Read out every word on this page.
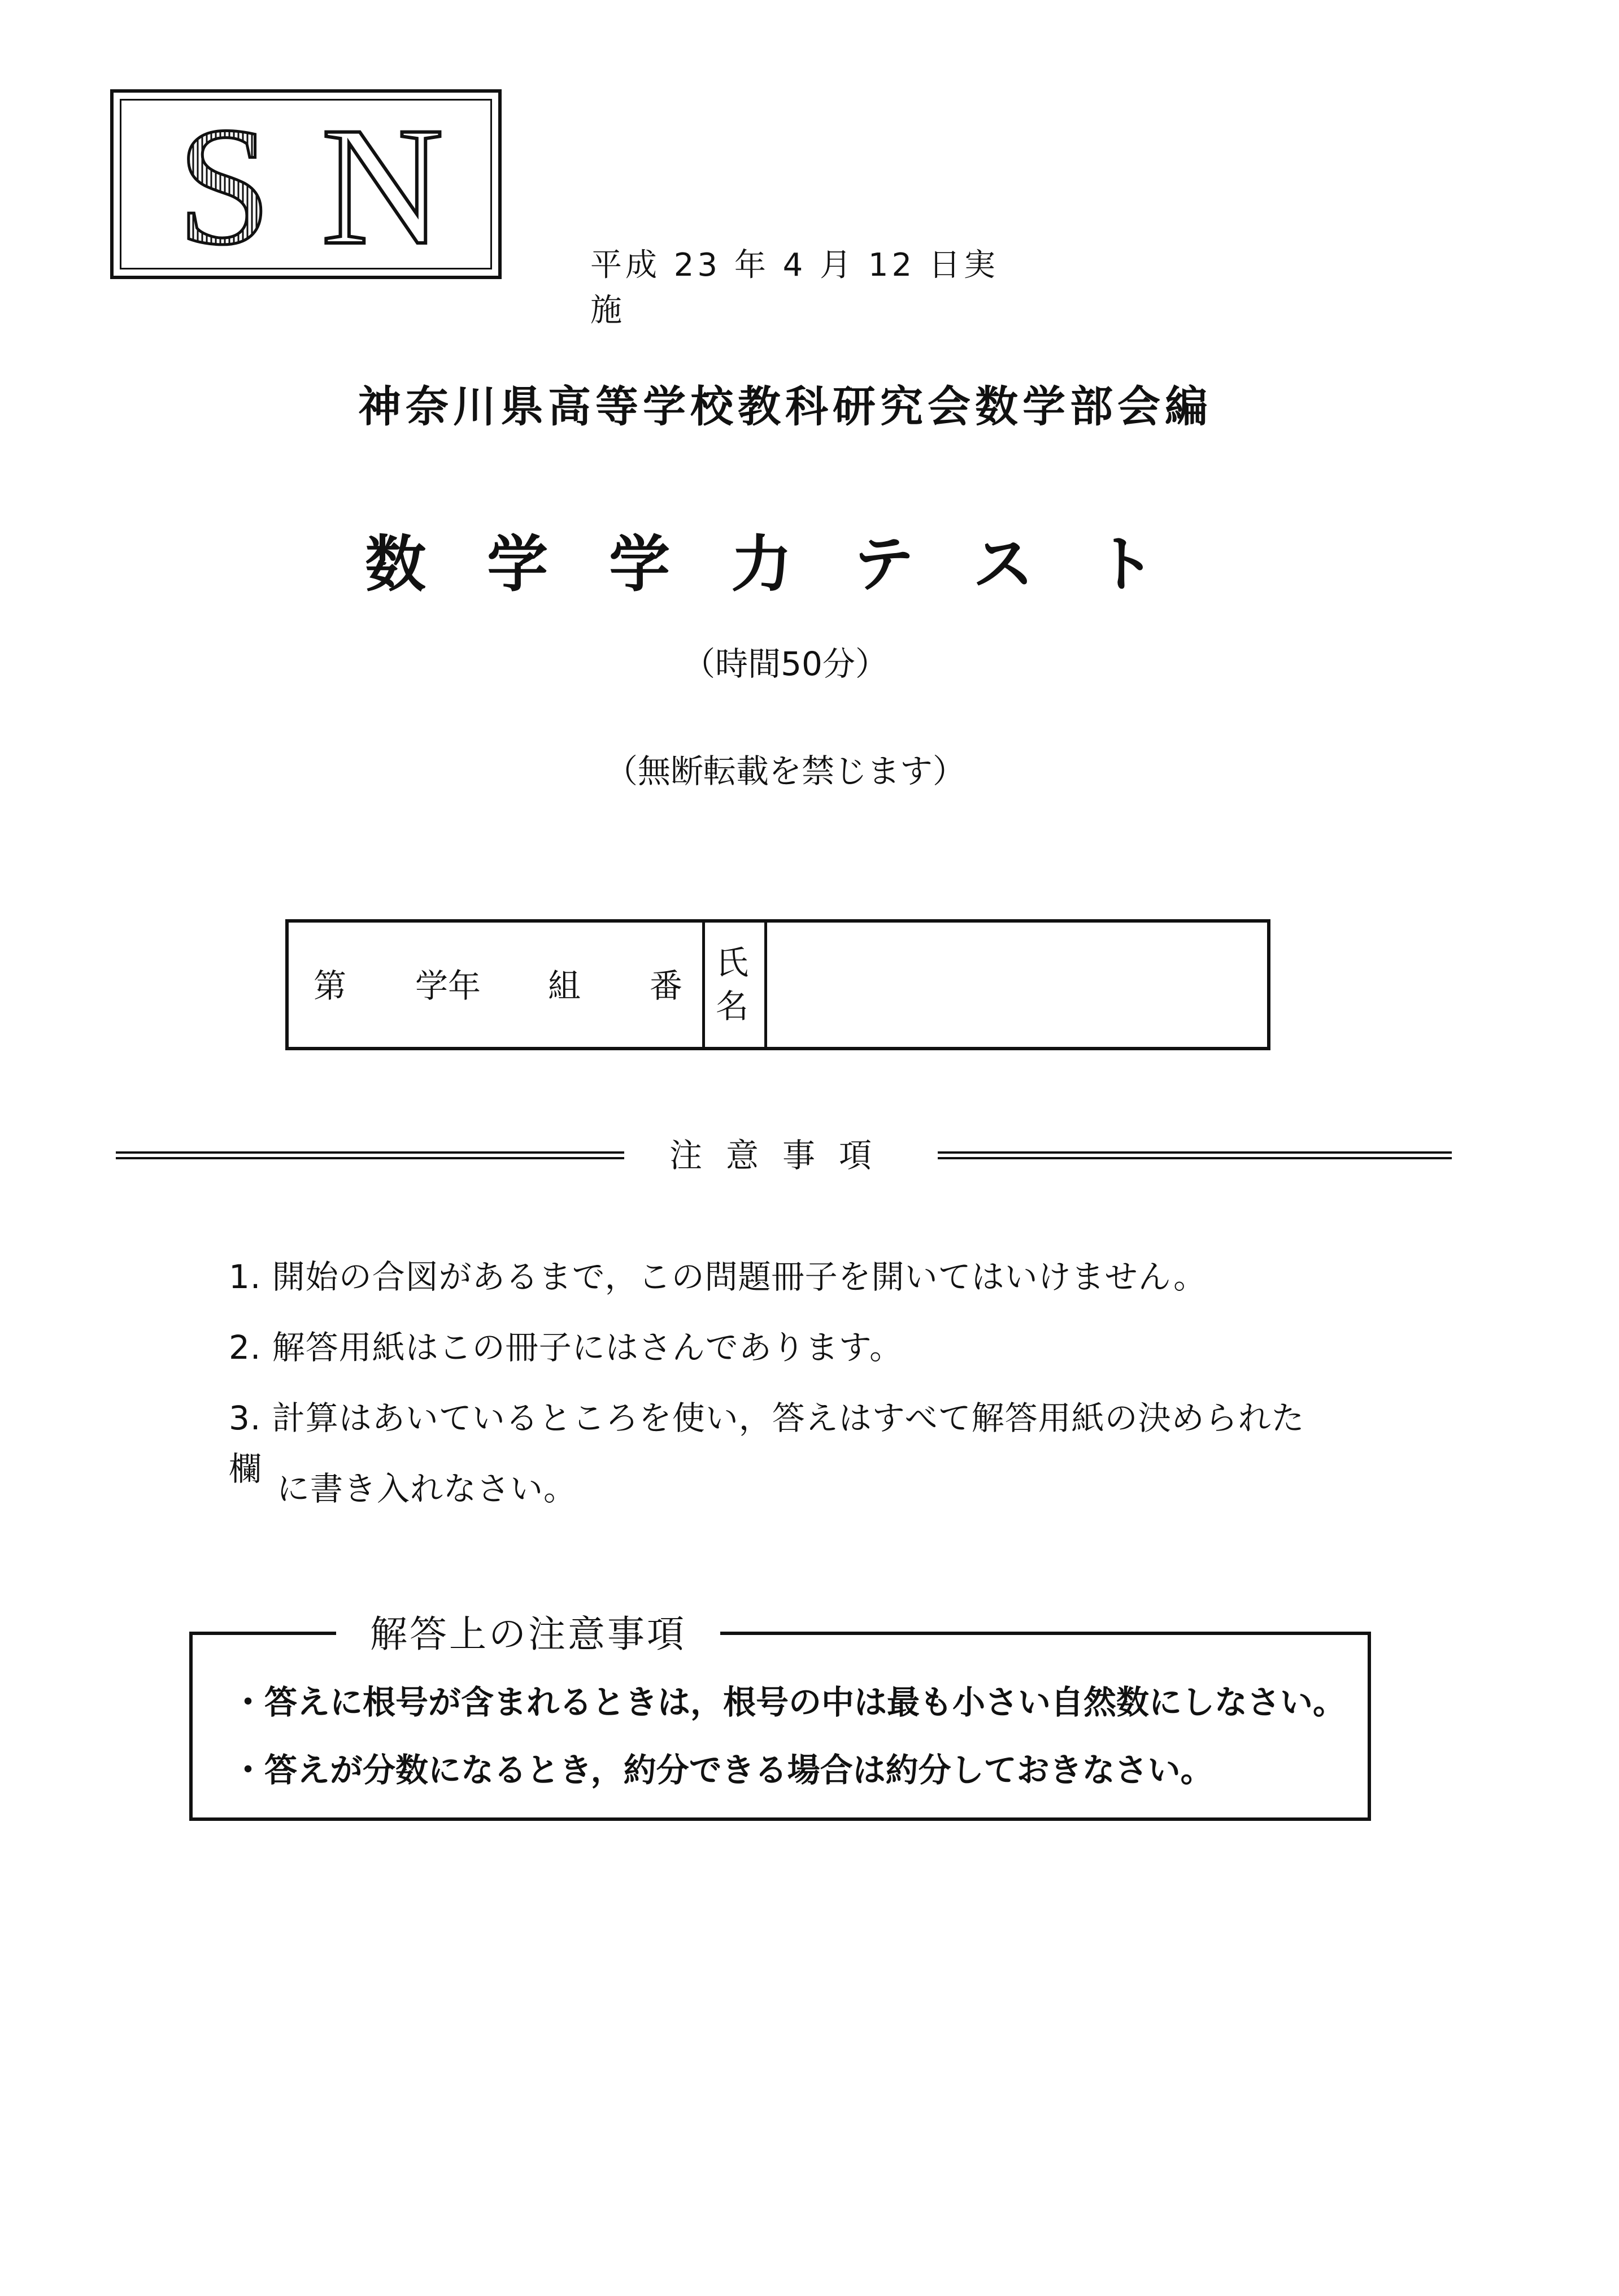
S N	平成 23 年 4 月 12 日実施
神奈川県高等学校教科研究会数学部会編
数学学力テスト
（時間50分）
（無断転載を禁じます）
第 学年 組 番
氏
名
注意事項
1. 開始の合図があるまで，この問題冊子を開いてはいけません。
2. 解答用紙はこの冊子にはさんであります。
3. 計算はあいているところを使い，答えはすべて解答用紙の決められた欄
に書き入れなさい。
解答上の注意事項
・答えに根号が含まれるときは，根号の中は最も小さい自然数にしなさい。
・答えが分数になるとき，約分できる場合は約分しておきなさい。
